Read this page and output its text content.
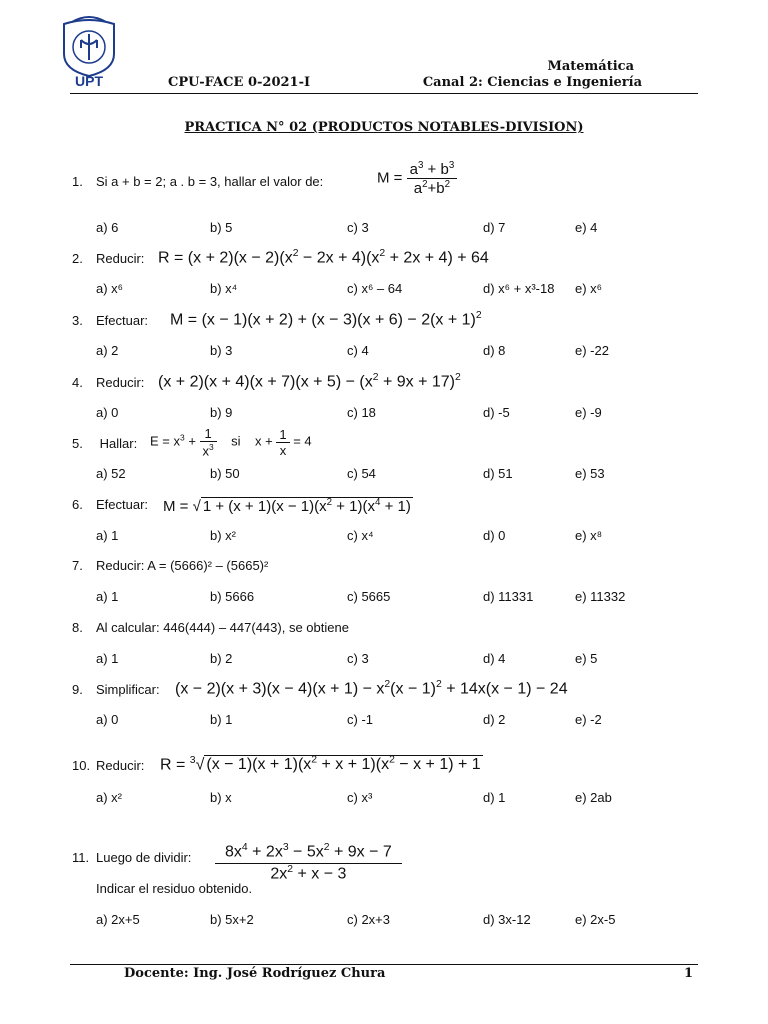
UPT
Matemática
CPU-FACE 0-2021-I	Canal 2: Ciencias e Ingeniería
PRACTICA N° 02 (PRODUCTOS NOTABLES-DIVISION)
1. Si a + b = 2; a . b = 3, hallar el valor de:	$M = \frac{a^3 + b^3}{a^2+b^2}$
a) 6	b) 5	c) 3	d) 7	e) 4
2. Reducir: $R = (x + 2)(x - 2)(x^2 - 2x + 4)(x^2 + 2x + 4) + 64$
a) x⁶	b) x⁴	c) x⁶ – 64	d) x⁶ + x³-18 e) x⁶
3. Efectuar: $M = (x - 1)(x + 2) + (x - 3)(x + 6) - 2(x + 1)^2$
a) 2	b) 3	c) 4	d) 8	e) -22
4. Reducir: $(x + 2)(x + 4)(x + 7)(x + 5) - (x^2 + 9x + 17)^2$
a) 0	b) 9	c) 18	d) -5	e) -9
5. Hallar: $E = x^3 + \frac{1}{x^3}$ si    $x + \frac{1}{x} = 4$
a) 52	b) 50	c) 54	d) 51	e) 53
6. Efectuar: M = √ $1 + (x + 1)(x - 1)(x^2 + 1)(x^4 + 1)$
a) 1	b) x²	c) x⁴	d) 0	e) x⁸
7. Reducir: A = (5666)² – (5665)²
a) 1	b) 5666	c) 5665	d) 11331	e) 11332
8. Al calcular: 446(444) – 447(443), se obtiene
a) 1	b) 2	c) 3	d) 4	e) 5
9. Simplificar: $(x - 2)(x + 3)(x - 4)(x + 1) - x^2(x - 1)^2 + 14x(x - 1) - 24$
a) 0	b) 1	c) -1	d) 2	e) -2
10. Reducir: R = $^3$√ $(x - 1)(x + 1)(x^2 + x + 1)(x^2 - x + 1) + 1$
a) x²	b) x	c) x³	d) 1	e) 2ab
11. Luego de dividir: $\frac{8x^4 + 2x^3 - 5x^2 + 9x - 7}{2x^2 + x - 3}$
Indicar el residuo obtenido.
a) 2x+5	b) 5x+2	c) 2x+3	d) 3x-12	e) 2x-5
Docente: Ing. José Rodríguez Chura	1
